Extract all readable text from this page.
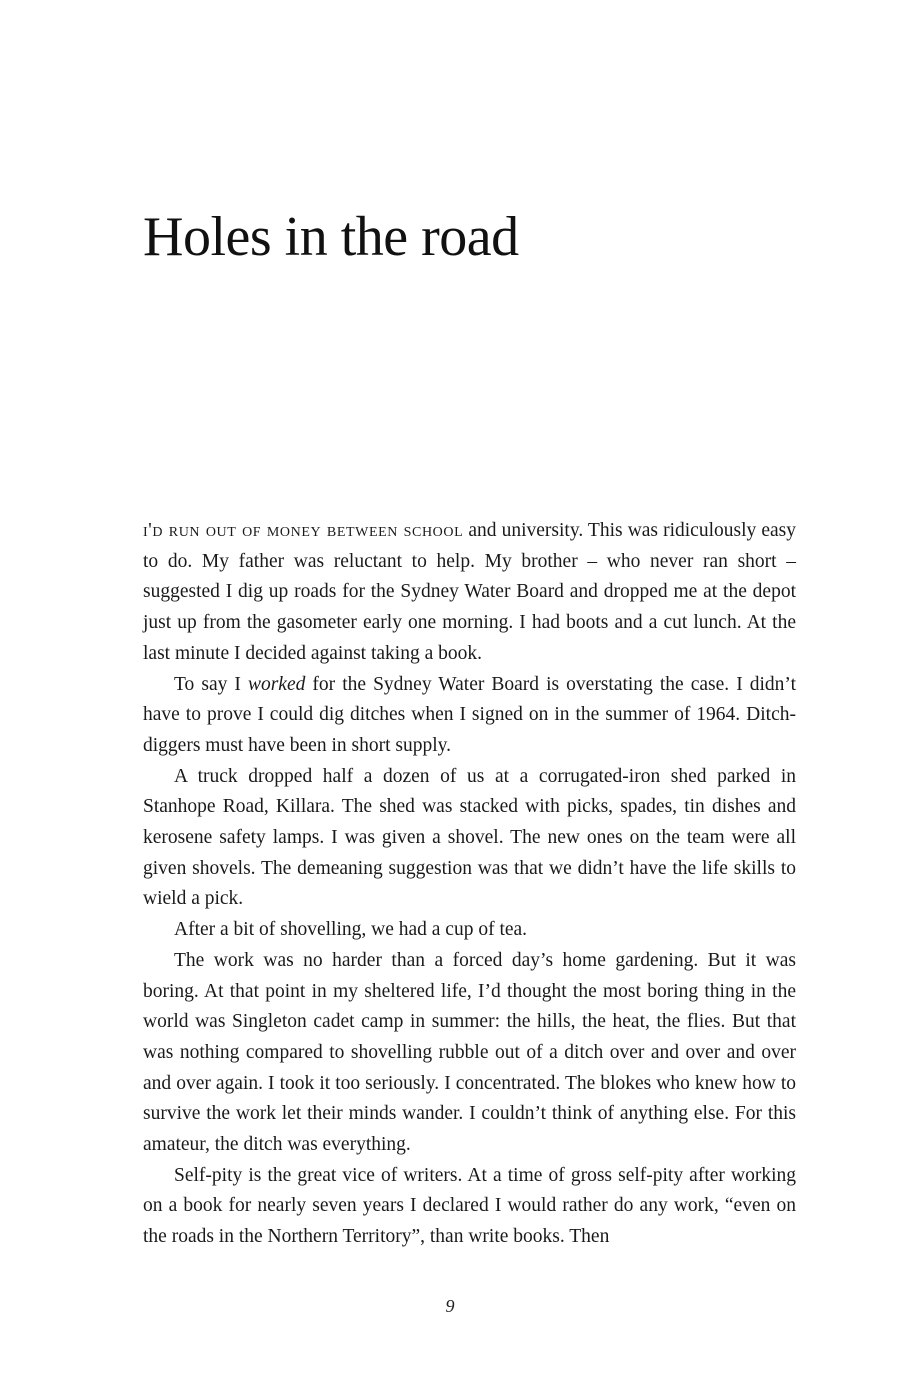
Holes in the road

i'd run out of money between school and university. This was ridiculously easy to do. My father was reluctant to help. My brother – who never ran short – suggested I dig up roads for the Sydney Water Board and dropped me at the depot just up from the gasometer early one morning. I had boots and a cut lunch. At the last minute I decided against taking a book.

To say I worked for the Sydney Water Board is overstating the case. I didn’t have to prove I could dig ditches when I signed on in the summer of 1964. Ditch-diggers must have been in short supply.

A truck dropped half a dozen of us at a corrugated-iron shed parked in Stanhope Road, Killara. The shed was stacked with picks, spades, tin dishes and kerosene safety lamps. I was given a shovel. The new ones on the team were all given shovels. The demeaning suggestion was that we didn’t have the life skills to wield a pick.

After a bit of shovelling, we had a cup of tea.

The work was no harder than a forced day’s home gardening. But it was boring. At that point in my sheltered life, I’d thought the most boring thing in the world was Singleton cadet camp in summer: the hills, the heat, the flies. But that was nothing compared to shovelling rubble out of a ditch over and over and over and over again. I took it too seriously. I concentrated. The blokes who knew how to survive the work let their minds wander. I couldn’t think of anything else. For this amateur, the ditch was everything.

Self-pity is the great vice of writers. At a time of gross self-pity after working on a book for nearly seven years I declared I would rather do any work, “even on the roads in the Northern Territory”, than write books. Then

9
